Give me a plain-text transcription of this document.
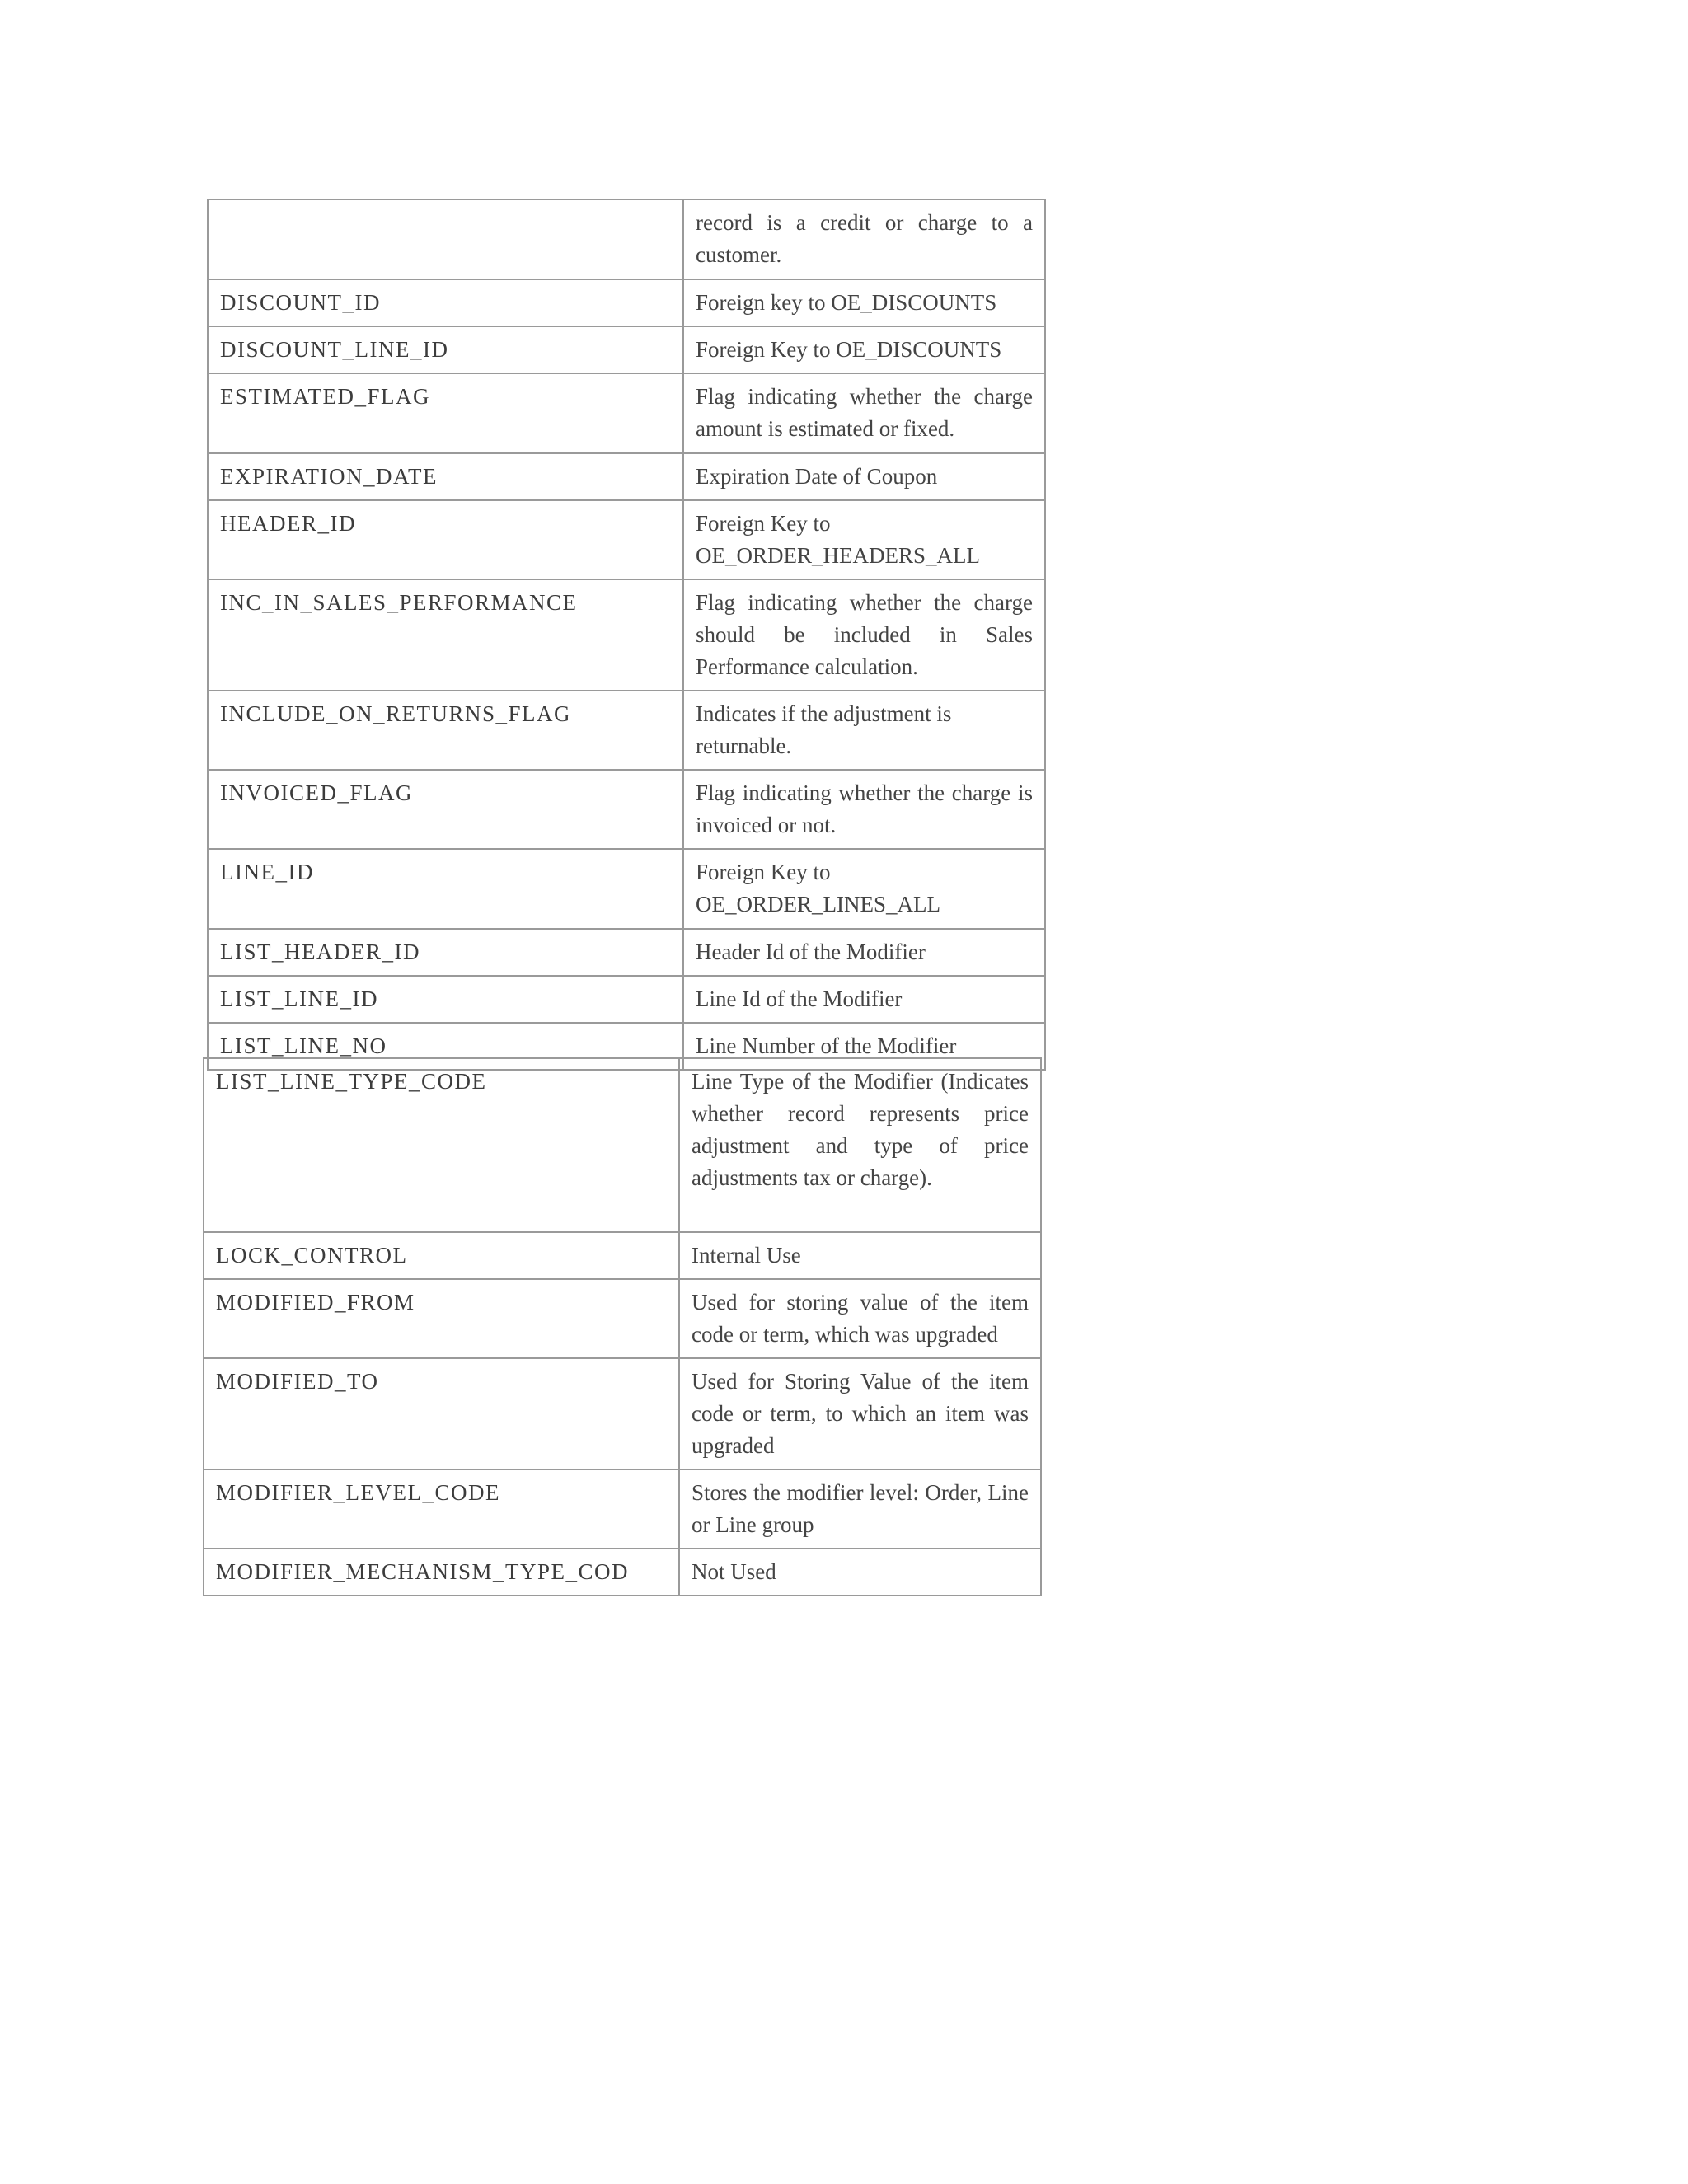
	record is a credit or charge to a customer.
DISCOUNT_ID	Foreign key to OE_DISCOUNTS
DISCOUNT_LINE_ID	Foreign Key to OE_DISCOUNTS
ESTIMATED_FLAG	Flag indicating whether the charge amount is estimated or fixed.
EXPIRATION_DATE	Expiration Date of Coupon
HEADER_ID	Foreign Key to OE_ORDER_HEADERS_ALL
INC_IN_SALES_PERFORMANCE	Flag indicating whether the charge should be included in Sales Performance calculation.
INCLUDE_ON_RETURNS_FLAG	Indicates if the adjustment is returnable.
INVOICED_FLAG	Flag indicating whether the charge is invoiced or not.
LINE_ID	Foreign Key to OE_ORDER_LINES_ALL
LIST_HEADER_ID	Header Id of the Modifier
LIST_LINE_ID	Line Id of the Modifier
LIST_LINE_NO	Line Number of the Modifier
LIST_LINE_TYPE_CODE	Line Type of the Modifier (Indicates whether record represents price adjustment and type of price adjustments tax or charge).
LOCK_CONTROL	Internal Use
MODIFIED_FROM	Used for storing value of the item code or term, which was upgraded
MODIFIED_TO	Used for Storing Value of the item code or term, to which an item was upgraded
MODIFIER_LEVEL_CODE	Stores the modifier level: Order, Line or Line group
MODIFIER_MECHANISM_TYPE_COD	Not Used
